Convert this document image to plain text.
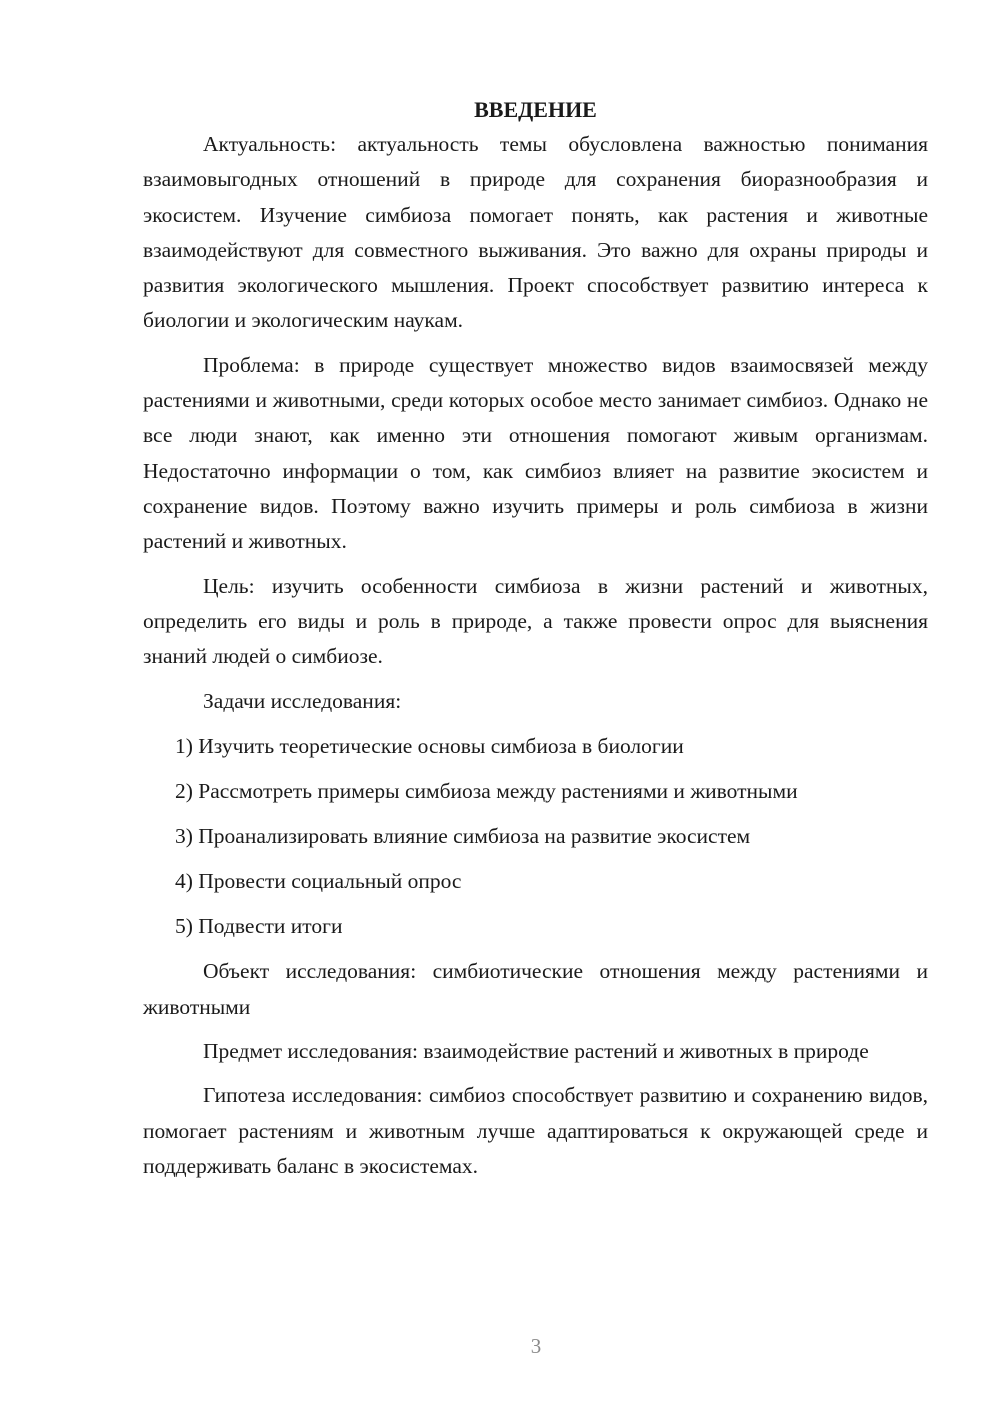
ВВЕДЕНИЕ

Актуальность: актуальность темы обусловлена важностью понимания взаимовыгодных отношений в природе для сохранения биоразнообразия и экосистем. Изучение симбиоза помогает понять, как растения и животные взаимодействуют для совместного выживания. Это важно для охраны природы и развития экологического мышления. Проект способствует развитию интереса к биологии и экологическим наукам.

Проблема: в природе существует множество видов взаимосвязей между растениями и животными, среди которых особое место занимает симбиоз. Однако не все люди знают, как именно эти отношения помогают живым организмам. Недостаточно информации о том, как симбиоз влияет на развитие экосистем и сохранение видов. Поэтому важно изучить примеры и роль симбиоза в жизни растений и животных.

Цель: изучить особенности симбиоза в жизни растений и животных, определить его виды и роль в природе, а также провести опрос для выяснения знаний людей о симбиозе.

Задачи исследования:
1) Изучить теоретические основы симбиоза в биологии
2) Рассмотреть примеры симбиоза между растениями и животными
3) Проанализировать влияние симбиоза на развитие экосистем
4) Провести социальный опрос
5) Подвести итоги

Объект исследования: симбиотические отношения между растениями и животными

Предмет исследования: взаимодействие растений и животных в природе

Гипотеза исследования: симбиоз способствует развитию и сохранению видов, помогает растениям и животным лучше адаптироваться к окружающей среде и поддерживать баланс в экосистемах.

3
